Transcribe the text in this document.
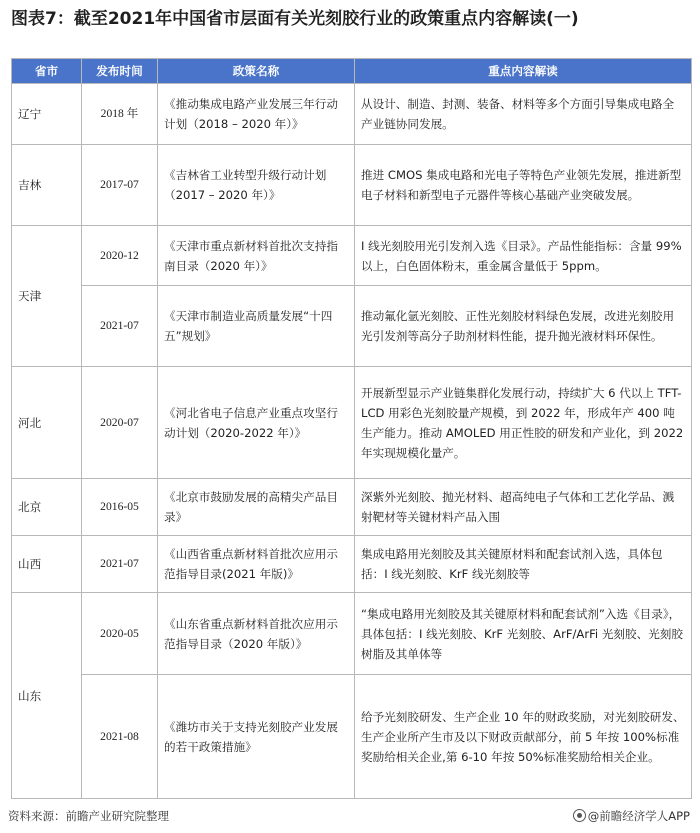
图表7：截至2021年中国省市层面有关光刻胶行业的政策重点内容解读(一)
省市	发布时间	政策名称	重点内容解读
辽宁	2018 年	《推动集成电路产业发展三年行动计划（2018 – 2020 年）》	从设计、制造、封测、装备、材料等多个方面引导集成电路全产业链协同发展。
吉林	2017-07	《吉林省工业转型升级行动计划（2017 – 2020 年）》	推进 CMOS 集成电路和光电子等特色产业领先发展，推进新型电子材料和新型电子元器件等核心基础产业突破发展。
天津	2020-12	《天津市重点新材料首批次支持指南目录（2020 年）》	I 线光刻胶用光引发剂入选《目录》。产品性能指标：含量 99%以上，白色固体粉末，重金属含量低于 5ppm。
	2021-07	《天津市制造业高质量发展“十四五”规划》	推动氟化氩光刻胶、正性光刻胶材料绿色发展，改进光刻胶用光引发剂等高分子助剂材料性能，提升抛光液材料环保性。
河北	2020-07	《河北省电子信息产业重点攻坚行动计划（2020-2022 年）》	开展新型显示产业链集群化发展行动，持续扩大 6 代以上 TFT-LCD 用彩色光刻胶量产规模，到 2022 年，形成年产 400 吨生产能力。推动 AMOLED 用正性胶的研发和产业化，到 2022 年实现规模化量产。
北京	2016-05	《北京市鼓励发展的高精尖产品目录》	深紫外光刻胶、抛光材料、超高纯电子气体和工艺化学品、溅射靶材等关键材料产品入围
山西	2021-07	《山西省重点新材料首批次应用示范指导目录(2021 年版)》	集成电路用光刻胶及其关键原材料和配套试剂入选，具体包括：I 线光刻胶、KrF 线光刻胶等
山东	2020-05	《山东省重点新材料首批次应用示范指导目录（2020 年版）》	“集成电路用光刻胶及其关键原材料和配套试剂”入选《目录》，具体包括：I 线光刻胶、KrF 光刻胶、ArF/ArFi 光刻胶、光刻胶树脂及其单体等
	2021-08	《潍坊市关于支持光刻胶产业发展的若干政策措施》	给予光刻胶研发、生产企业 10 年的财政奖励，对光刻胶研发、生产企业所产生市及以下财政贡献部分，前 5 年按 100%标准奖励给相关企业,第 6-10 年按 50%标准奖励给相关企业。
资料来源：前瞻产业研究院整理	@前瞻经济学人APP
